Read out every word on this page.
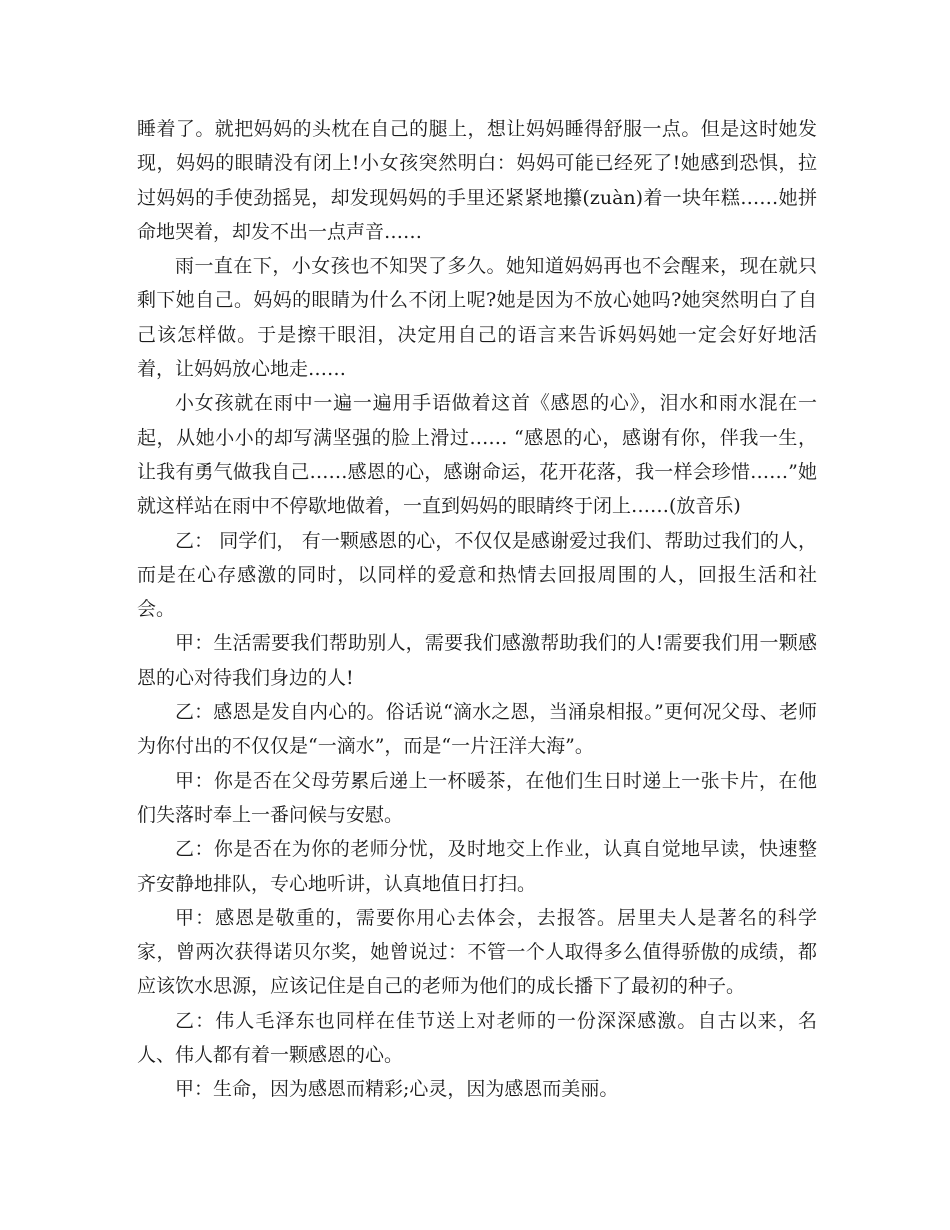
睡着了。就把妈妈的头枕在自己的腿上，想让妈妈睡得舒服一点。但是这时她发现，妈妈的眼睛没有闭上!小女孩突然明白：妈妈可能已经死了!她感到恐惧，拉过妈妈的手使劲摇晃，却发现妈妈的手里还紧紧地攥(zuàn)着一块年糕……她拼命地哭着，却发不出一点声音……

雨一直在下，小女孩也不知哭了多久。她知道妈妈再也不会醒来，现在就只剩下她自己。妈妈的眼睛为什么不闭上呢?她是因为不放心她吗?她突然明白了自己该怎样做。于是擦干眼泪，决定用自己的语言来告诉妈妈她一定会好好地活着，让妈妈放心地走……

小女孩就在雨中一遍一遍用手语做着这首《感恩的心》，泪水和雨水混在一起，从她小小的却写满坚强的脸上滑过…… “感恩的心，感谢有你，伴我一生，让我有勇气做我自己……感恩的心，感谢命运，花开花落，我一样会珍惜……”她就这样站在雨中不停歇地做着，一直到妈妈的眼睛终于闭上……(放音乐)

乙： 同学们， 有一颗感恩的心，不仅仅是感谢爱过我们、帮助过我们的人，而是在心存感激的同时，以同样的爱意和热情去回报周围的人，回报生活和社会。

甲：生活需要我们帮助别人，需要我们感激帮助我们的人!需要我们用一颗感恩的心对待我们身边的人!

乙：感恩是发自内心的。俗话说“滴水之恩，当涌泉相报。”更何况父母、老师为你付出的不仅仅是“一滴水”，而是“一片汪洋大海”。

甲：你是否在父母劳累后递上一杯暖茶，在他们生日时递上一张卡片，在他们失落时奉上一番问候与安慰。

乙：你是否在为你的老师分忧，及时地交上作业，认真自觉地早读，快速整齐安静地排队，专心地听讲，认真地值日打扫。

甲：感恩是敬重的，需要你用心去体会，去报答。居里夫人是著名的科学家，曾两次获得诺贝尔奖，她曾说过：不管一个人取得多么值得骄傲的成绩，都应该饮水思源，应该记住是自己的老师为他们的成长播下了最初的种子。

乙：伟人毛泽东也同样在佳节送上对老师的一份深深感激。自古以来，名人、伟人都有着一颗感恩的心。

甲：生命，因为感恩而精彩;心灵，因为感恩而美丽。
